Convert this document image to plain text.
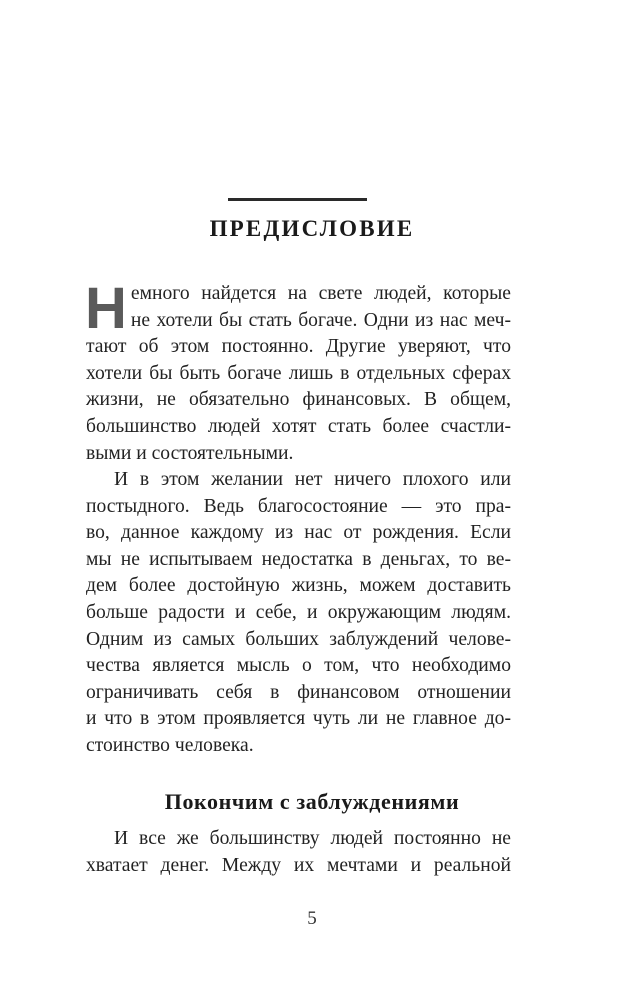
ПРЕДИСЛОВИЕ
Н емного найдется на свете людей, которые
не хотели бы стать богаче. Одни из нас меч-
тают об этом постоянно. Другие уверяют, что
хотели бы быть богаче лишь в отдельных сферах
жизни, не обязательно финансовых. В общем,
большинство людей хотят стать более счастли-
выми и состоятельными.
И в этом желании нет ничего плохого или
постыдного. Ведь благосостояние — это пра-
во, данное каждому из нас от рождения. Если
мы не испытываем недостатка в деньгах, то ве-
дем более достойную жизнь, можем доставить
больше радости и себе, и окружающим людям.
Одним из самых больших заблуждений челове-
чества является мысль о том, что необходимо
ограничивать себя в финансовом отношении
и что в этом проявляется чуть ли не главное до-
стоинство человека.
Покончим с заблуждениями
И все же большинству людей постоянно не
хватает денег. Между их мечтами и реальной
5
